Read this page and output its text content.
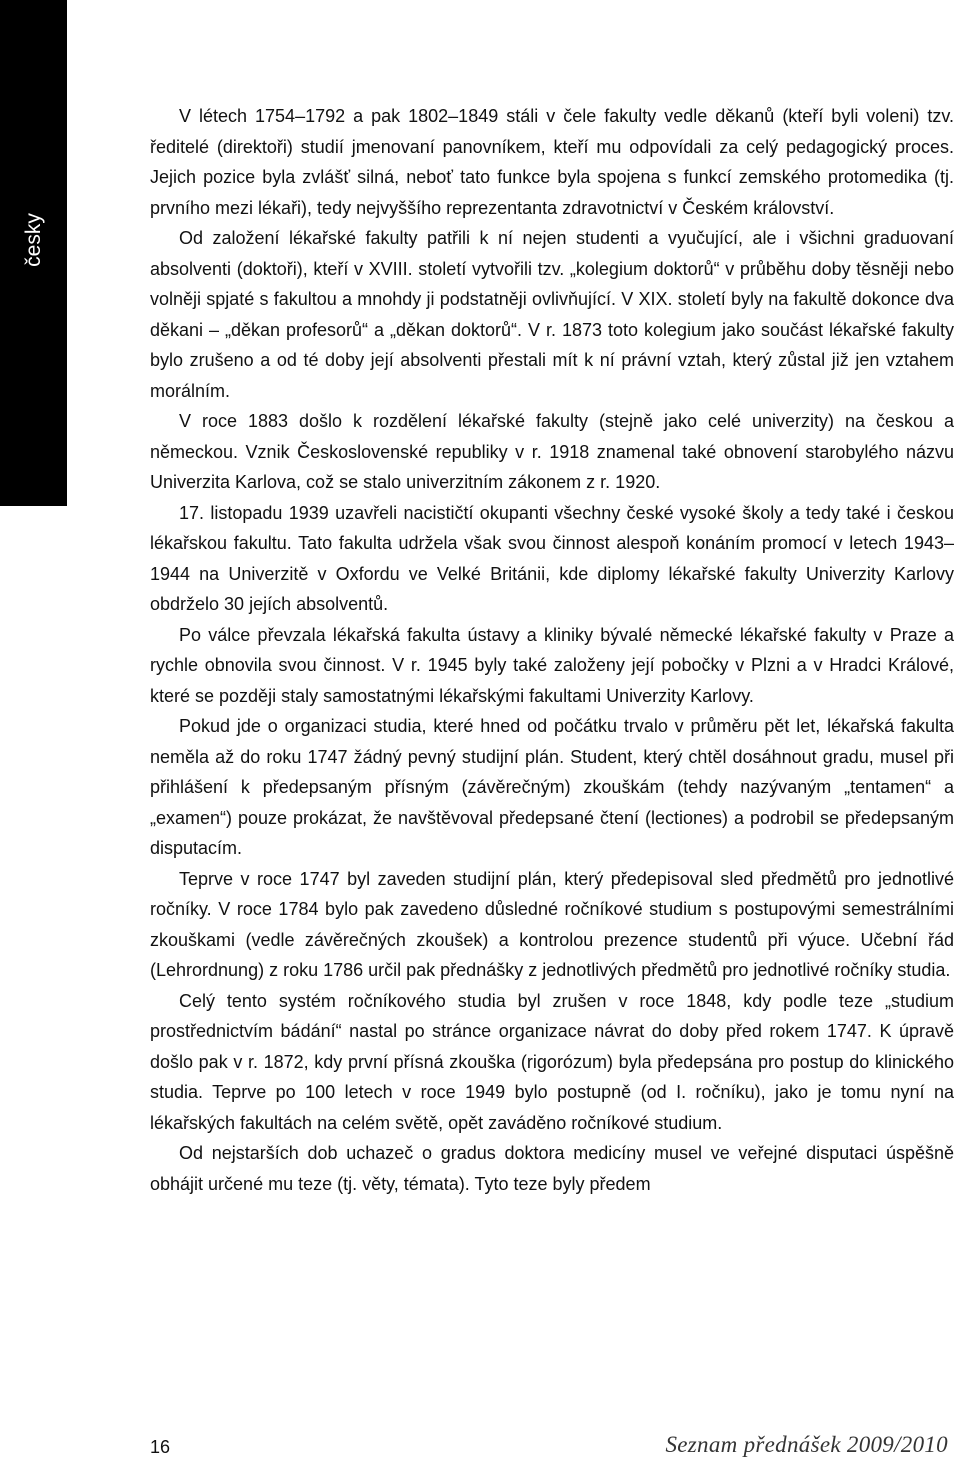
česky

V létech 1754–1792 a pak 1802–1849 stáli v čele fakulty vedle děkanů (kteří byli voleni) tzv. ředitelé (direktoři) studií jmenovaní panovníkem, kteří mu odpovídali za celý pedagogický proces. Jejich pozice byla zvlášť silná, neboť tato funkce byla spojena s funkcí zemského protomedika (tj. prvního mezi lékaři), tedy nejvyššího reprezentanta zdravotnictví v Českém království.

Od založení lékařské fakulty patřili k ní nejen studenti a vyučující, ale i všichni graduovaní absolventi (doktoři), kteří v XVIII. století vytvořili tzv. „kolegium doktorů“ v průběhu doby těsněji nebo volněji spjaté s fakultou a mnohdy ji podstatněji ovlivňující. V XIX. století byly na fakultě dokonce dva děkani – „děkan profesorů“ a „děkan doktorů“. V r. 1873 toto kolegium jako součást lékařské fakulty bylo zrušeno a od té doby její absolventi přestali mít k ní právní vztah, který zůstal již jen vztahem morálním.

V roce 1883 došlo k rozdělení lékařské fakulty (stejně jako celé univerzity) na českou a německou. Vznik Československé republiky v r. 1918 znamenal také obnovení starobylého názvu Univerzita Karlova, což se stalo univerzitním zákonem z r. 1920.

17. listopadu 1939 uzavřeli nacističtí okupanti všechny české vysoké školy a tedy také i českou lékařskou fakultu. Tato fakulta udržela však svou činnost alespoň konáním promocí v letech 1943–1944 na Univerzitě v Oxfordu ve Velké Británii, kde diplomy lékařské fakulty Univerzity Karlovy obdrželo 30 jejích absolventů.

Po válce převzala lékařská fakulta ústavy a kliniky bývalé německé lékařské fakulty v Praze a rychle obnovila svou činnost. V r. 1945 byly také založeny její pobočky v Plzni a v Hradci Králové, které se později staly samostatnými lékařskými fakultami Univerzity Karlovy.

Pokud jde o organizaci studia, které hned od počátku trvalo v průměru pět let, lékařská fakulta neměla až do roku 1747 žádný pevný studijní plán. Student, který chtěl dosáhnout gradu, musel při přihlášení k předepsaným přísným (závěrečným) zkouškám (tehdy nazývaným „tentamen“ a „examen“) pouze prokázat, že navštěvoval předepsané čtení (lectiones) a podrobil se předepsaným disputacím.

Teprve v roce 1747 byl zaveden studijní plán, který předepisoval sled předmětů pro jednotlivé ročníky. V roce 1784 bylo pak zavedeno důsledné ročníkové studium s postupovými semestrálními zkouškami (vedle závěrečných zkoušek) a kontrolou prezence studentů při výuce. Učební řád (Lehrordnung) z roku 1786 určil pak přednášky z jednotlivých předmětů pro jednotlivé ročníky studia.

Celý tento systém ročníkového studia byl zrušen v roce 1848, kdy podle teze „studium prostřednictvím bádání“ nastal po stránce organizace návrat do doby před rokem 1747. K úpravě došlo pak v r. 1872, kdy první přísná zkouška (rigorózum) byla předepsána pro postup do klinického studia. Teprve po 100 letech v roce 1949 bylo postupně (od I. ročníku), jako je tomu nyní na lékařských fakultách na celém světě, opět zaváděno ročníkové studium.

Od nejstarších dob uchazeč o gradus doktora medicíny musel ve veřejné disputaci úspěšně obhájit určené mu teze (tj. věty, témata). Tyto teze byly předem

16	Seznam přednášek 2009/2010
